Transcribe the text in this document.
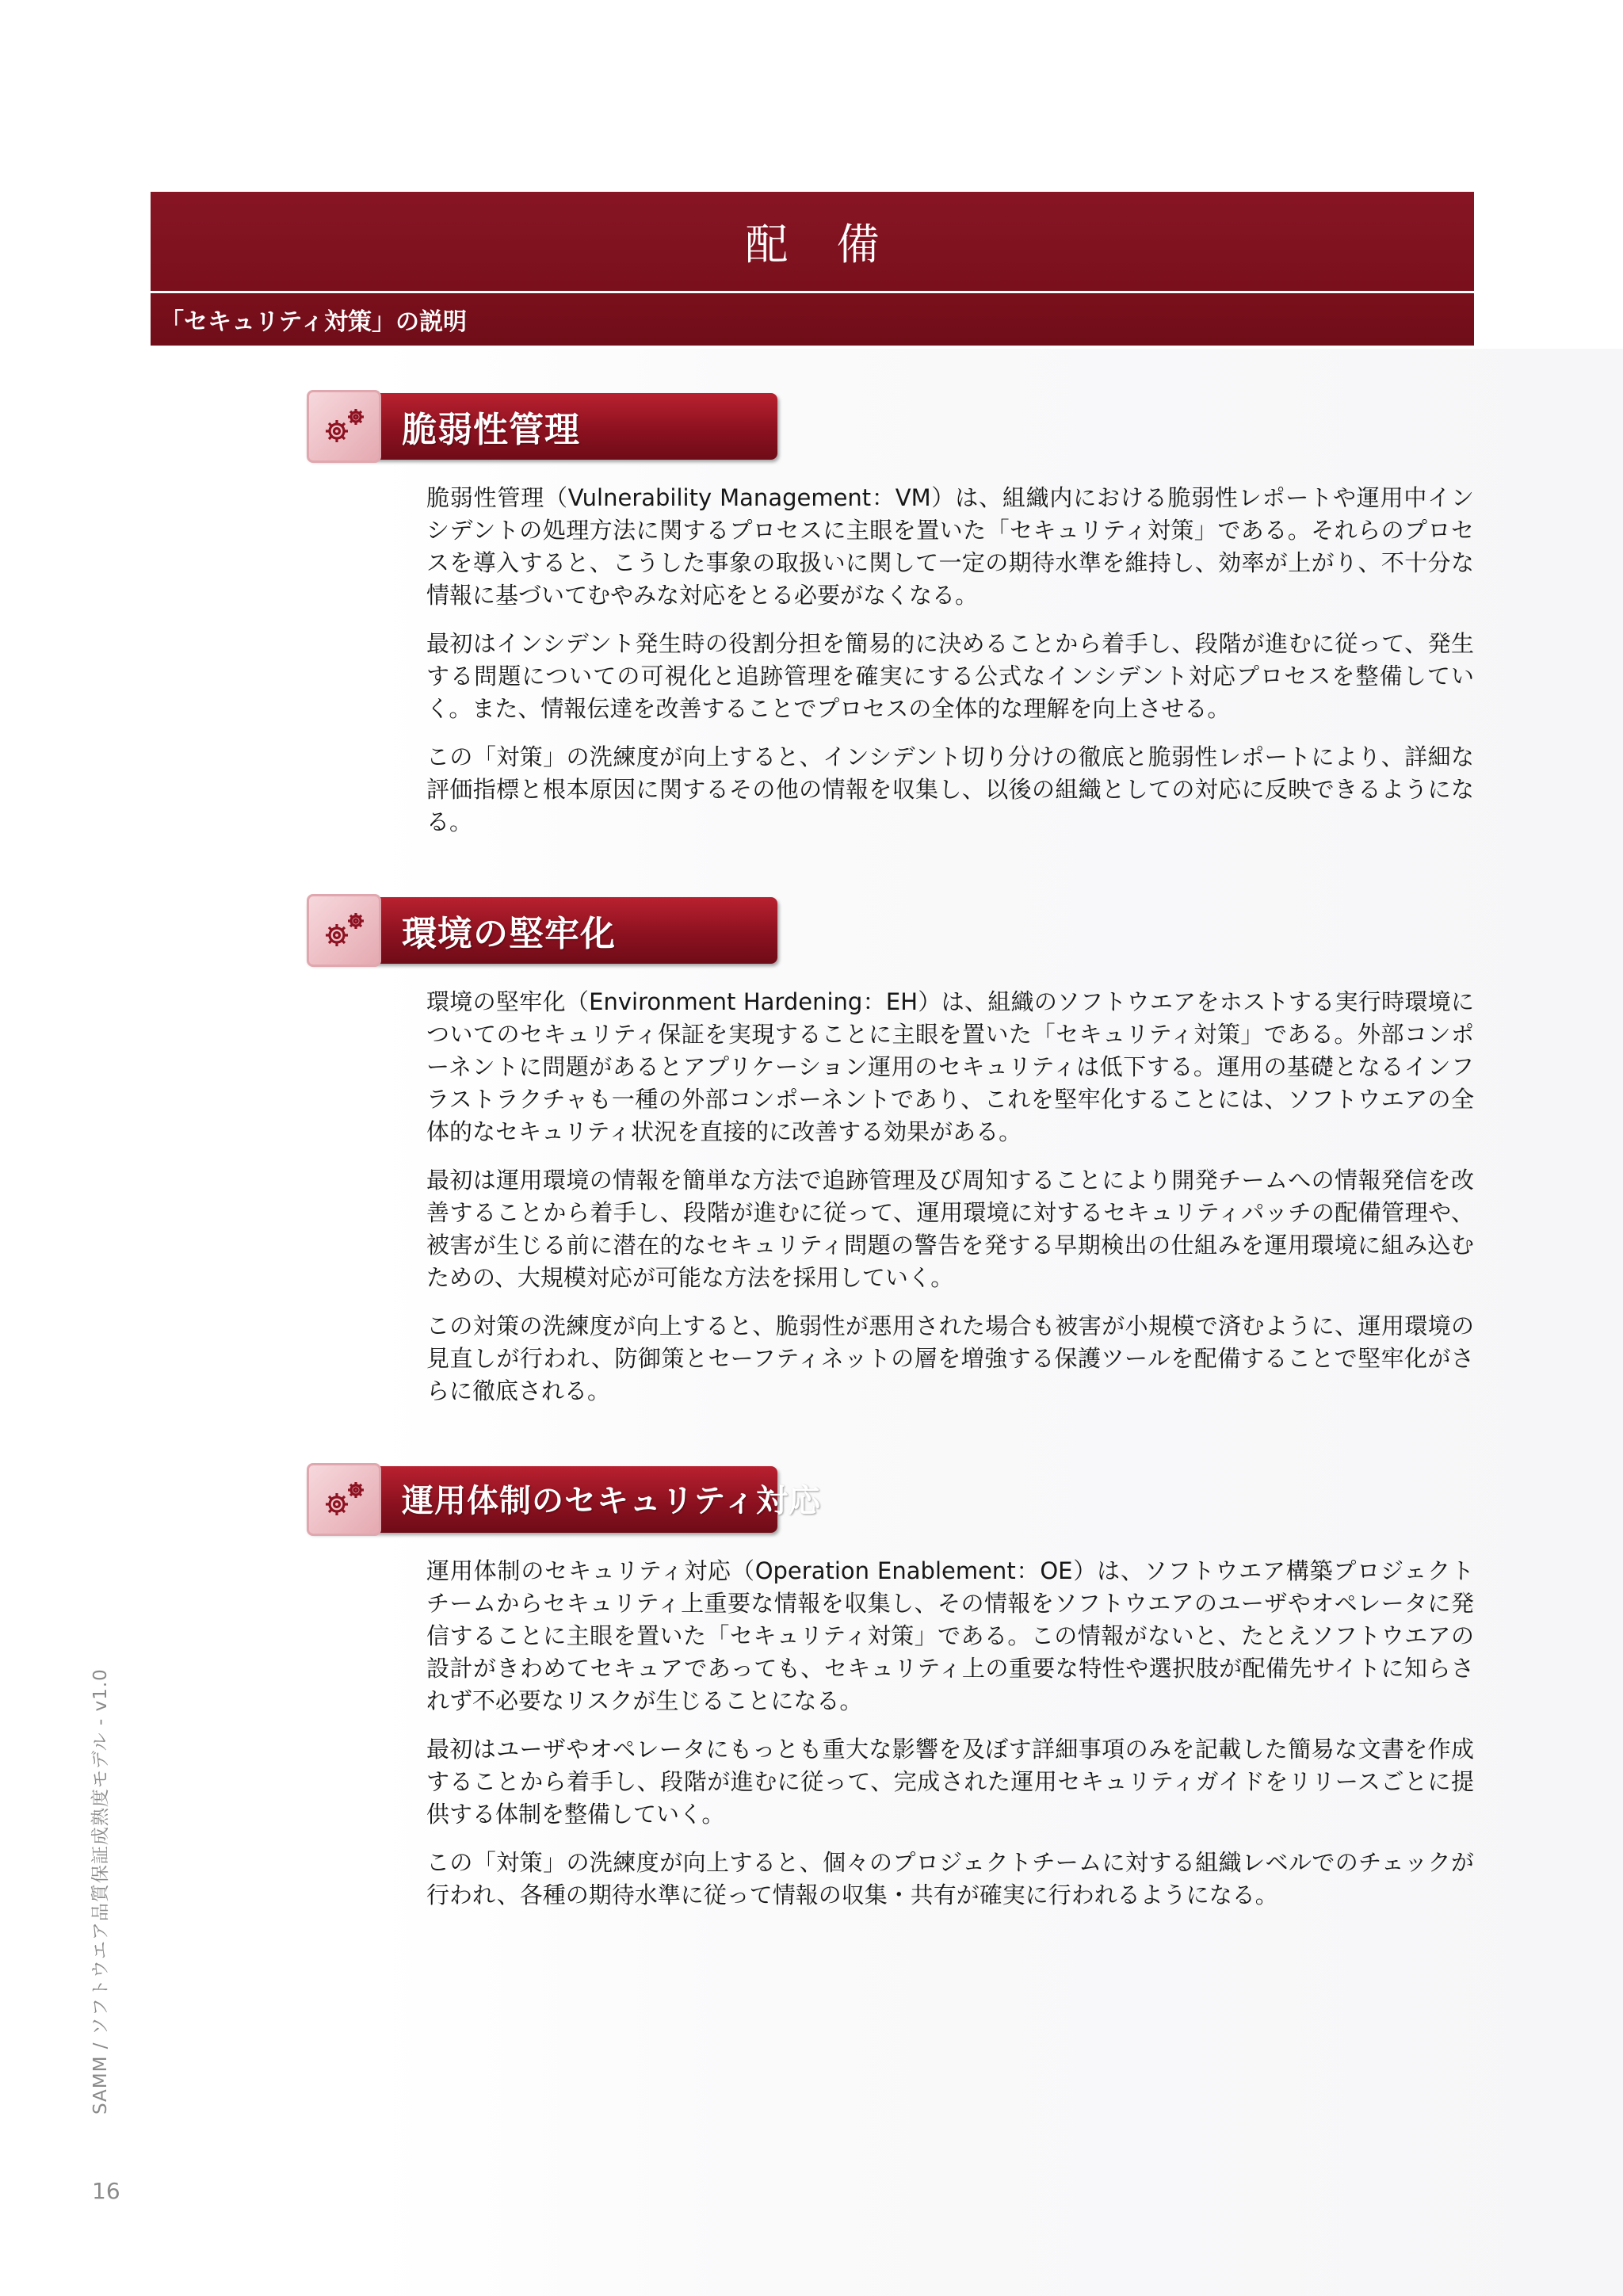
配 備
「セキュリティ対策」の説明
脆弱性管理

脆弱性管理（Vulnerability Management：VM）は、組織内における脆弱性レポートや運用中インシデントの処理方法に関するプロセスに主眼を置いた「セキュリティ対策」である。それらのプロセスを導入すると、こうした事象の取扱いに関して一定の期待水準を維持し、効率が上がり、不十分な情報に基づいてむやみな対応をとる必要がなくなる。

最初はインシデント発生時の役割分担を簡易的に決めることから着手し、段階が進むに従って、発生する問題についての可視化と追跡管理を確実にする公式なインシデント対応プロセスを整備していく。また、情報伝達を改善することでプロセスの全体的な理解を向上させる。

この「対策」の洗練度が向上すると、インシデント切り分けの徹底と脆弱性レポートにより、詳細な評価指標と根本原因に関するその他の情報を収集し、以後の組織としての対応に反映できるようになる。

環境の堅牢化

環境の堅牢化（Environment Hardening：EH）は、組織のソフトウエアをホストする実行時環境についてのセキュリティ保証を実現することに主眼を置いた「セキュリティ対策」である。外部コンポーネントに問題があるとアプリケーション運用のセキュリティは低下する。運用の基礎となるインフラストラクチャも一種の外部コンポーネントであり、これを堅牢化することには、ソフトウエアの全体的なセキュリティ状況を直接的に改善する効果がある。

最初は運用環境の情報を簡単な方法で追跡管理及び周知することにより開発チームへの情報発信を改善することから着手し、段階が進むに従って、運用環境に対するセキュリティパッチの配備管理や、被害が生じる前に潜在的なセキュリティ問題の警告を発する早期検出の仕組みを運用環境に組み込むための、大規模対応が可能な方法を採用していく。

この対策の洗練度が向上すると、脆弱性が悪用された場合も被害が小規模で済むように、運用環境の見直しが行われ、防御策とセーフティネットの層を増強する保護ツールを配備することで堅牢化がさらに徹底される。

運用体制のセキュリティ対応

運用体制のセキュリティ対応（Operation Enablement：OE）は、ソフトウエア構築プロジェクトチームからセキュリティ上重要な情報を収集し、その情報をソフトウエアのユーザやオペレータに発信することに主眼を置いた「セキュリティ対策」である。この情報がないと、たとえソフトウエアの設計がきわめてセキュアであっても、セキュリティ上の重要な特性や選択肢が配備先サイトに知らされず不必要なリスクが生じることになる。

最初はユーザやオペレータにもっとも重大な影響を及ぼす詳細事項のみを記載した簡易な文書を作成することから着手し、段階が進むに従って、完成された運用セキュリティガイドをリリースごとに提供する体制を整備していく。

この「対策」の洗練度が向上すると、個々のプロジェクトチームに対する組織レベルでのチェックが行われ、各種の期待水準に従って情報の収集・共有が確実に行われるようになる。

SAMM / ソフトウエア品質保証成熟度モデル - v1.0
16
